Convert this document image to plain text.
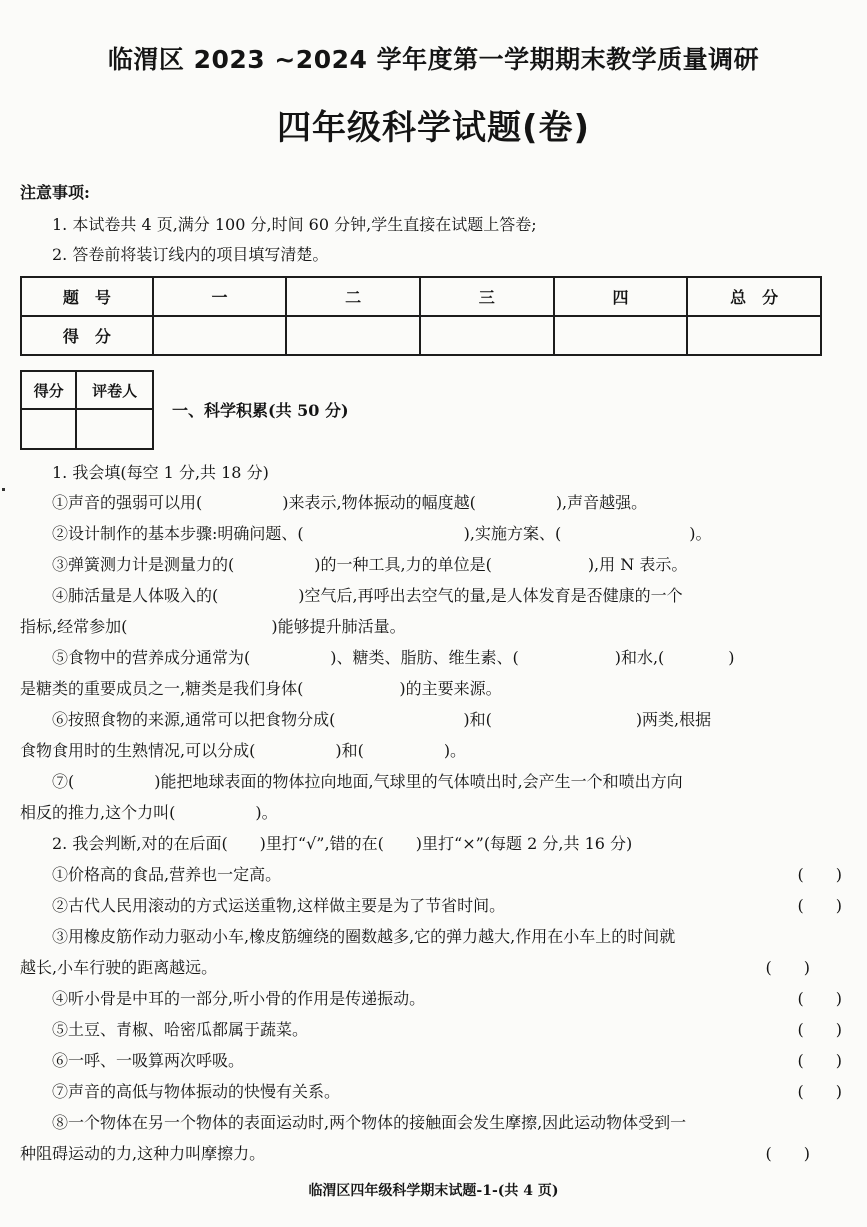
临渭区 2023 ~2024 学年度第一学期期末教学质量调研
四年级科学试题(卷)
注意事项:
1. 本试卷共 4 页,满分 100 分,时间 60 分钟,学生直接在试题上答卷;
2. 答卷前将装订线内的项目填写清楚。
题　号	一	二	三	四	总　分
得　分					
得分	评卷人

一、科学积累(共 50 分)
1. 我会填(每空 1 分,共 18 分)
①声音的强弱可以用(　　　　　)来表示,物体振动的幅度越(　　　　　),声音越强。
②设计制作的基本步骤:明确问题、(　　　　　　　　　　),实施方案、(　　　　　　　　)。
③弹簧测力计是测量力的(　　　　　)的一种工具,力的单位是(　　　　　　),用 N 表示。
④肺活量是人体吸入的(　　　　　)空气后,再呼出去空气的量,是人体发育是否健康的一个
指标,经常参加(　　　　　　　　　)能够提升肺活量。
⑤食物中的营养成分通常为(　　　　　)、糖类、脂肪、维生素、(　　　　　　)和水,(　　　　)
是糖类的重要成员之一,糖类是我们身体(　　　　　　)的主要来源。
⑥按照食物的来源,通常可以把食物分成(　　　　　　　　)和(　　　　　　　　　)两类,根据
食物食用时的生熟情况,可以分成(　　　　　)和(　　　　　)。
⑦(　　　　　)能把地球表面的物体拉向地面,气球里的气体喷出时,会产生一个和喷出方向
相反的推力,这个力叫(　　　　　)。
2. 我会判断,对的在后面(　　)里打“√”,错的在(　　)里打“×”(每题 2 分,共 16 分)
①价格高的食品,营养也一定高。	(　　)
②古代人民用滚动的方式运送重物,这样做主要是为了节省时间。	(　　)
③用橡皮筋作动力驱动小车,橡皮筋缠绕的圈数越多,它的弹力越大,作用在小车上的时间就
越长,小车行驶的距离越远。	(　　)
④听小骨是中耳的一部分,听小骨的作用是传递振动。	(　　)
⑤土豆、青椒、哈密瓜都属于蔬菜。	(　　)
⑥一呼、一吸算两次呼吸。	(　　)
⑦声音的高低与物体振动的快慢有关系。	(　　)
⑧一个物体在另一个物体的表面运动时,两个物体的接触面会发生摩擦,因此运动物体受到一
种阻碍运动的力,这种力叫摩擦力。	(　　)
临渭区四年级科学期末试题-1-(共 4 页)
